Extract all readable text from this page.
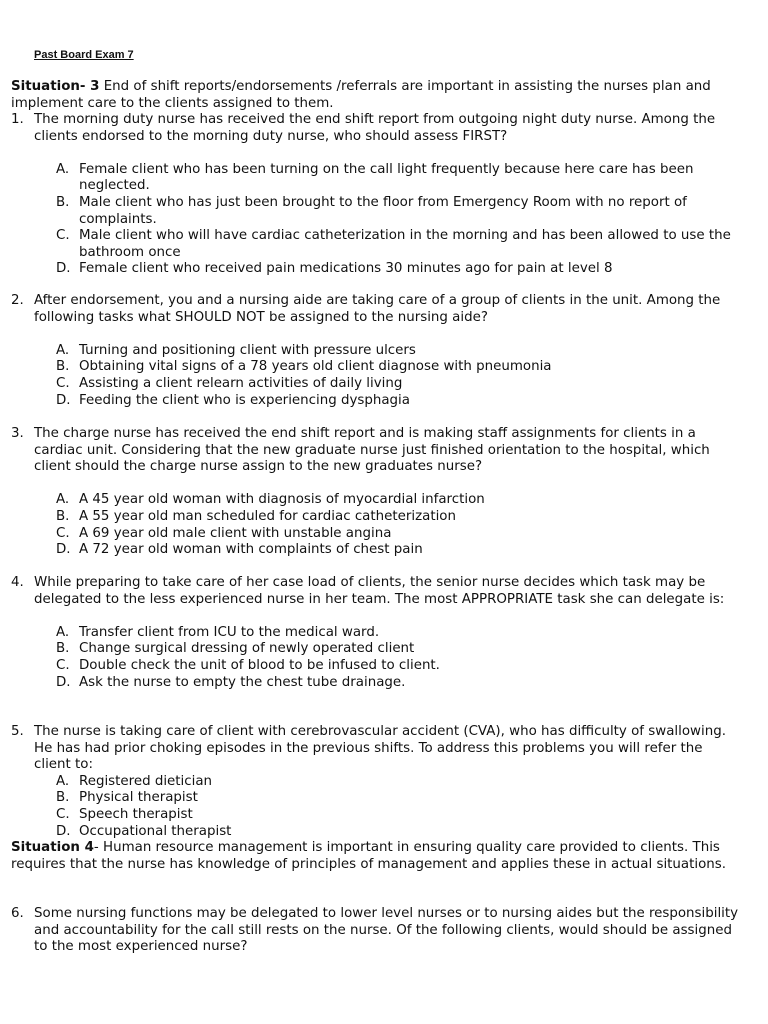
Past Board Exam 7

Situation- 3 End of shift reports/endorsements /referrals are important in assisting the nurses plan and implement care to the clients assigned to them.

1. The morning duty nurse has received the end shift report from outgoing night duty nurse. Among the clients endorsed to the morning duty nurse, who should assess FIRST?

A. Female client who has been turning on the call light frequently because here care has been neglected.
B. Male client who has just been brought to the floor from Emergency Room with no report of complaints.
C. Male client who will have cardiac catheterization in the morning and has been allowed to use the bathroom once
D. Female client who received pain medications 30 minutes ago for pain at level 8

2. After endorsement, you and a nursing aide are taking care of a group of clients in the unit. Among the following tasks what SHOULD NOT be assigned to the nursing aide?

A. Turning and positioning client with pressure ulcers
B. Obtaining vital signs of a 78 years old client diagnose with pneumonia
C. Assisting a client relearn activities of daily living
D. Feeding the client who is experiencing dysphagia

3. The charge nurse has received the end shift report and is making staff assignments for clients in a cardiac unit. Considering that the new graduate nurse just finished orientation to the hospital, which client should the charge nurse assign to the new graduates nurse?

A. A 45 year old woman with diagnosis of myocardial infarction
B. A 55 year old man scheduled for cardiac catheterization
C. A 69 year old male client with unstable angina
D. A 72 year old woman with complaints of chest pain

4. While preparing to take care of her case load of clients, the senior nurse decides which task may be delegated to the less experienced nurse in her team. The most APPROPRIATE task she can delegate is:

A. Transfer client from ICU to the medical ward.
B. Change surgical dressing of newly operated client
C. Double check the unit of blood to be infused to client.
D. Ask the nurse to empty the chest tube drainage.

5. The nurse is taking care of client with cerebrovascular accident (CVA), who has difficulty of swallowing. He has had prior choking episodes in the previous shifts. To address this problems you will refer the client to:

A. Registered dietician
B. Physical therapist
C. Speech therapist
D. Occupational therapist

Situation 4- Human resource management is important in ensuring quality care provided to clients. This requires that the nurse has knowledge of principles of management and applies these in actual situations.

6. Some nursing functions may be delegated to lower level nurses or to nursing aides but the responsibility and accountability for the call still rests on the nurse. Of the following clients, would should be assigned to the most experienced nurse?
